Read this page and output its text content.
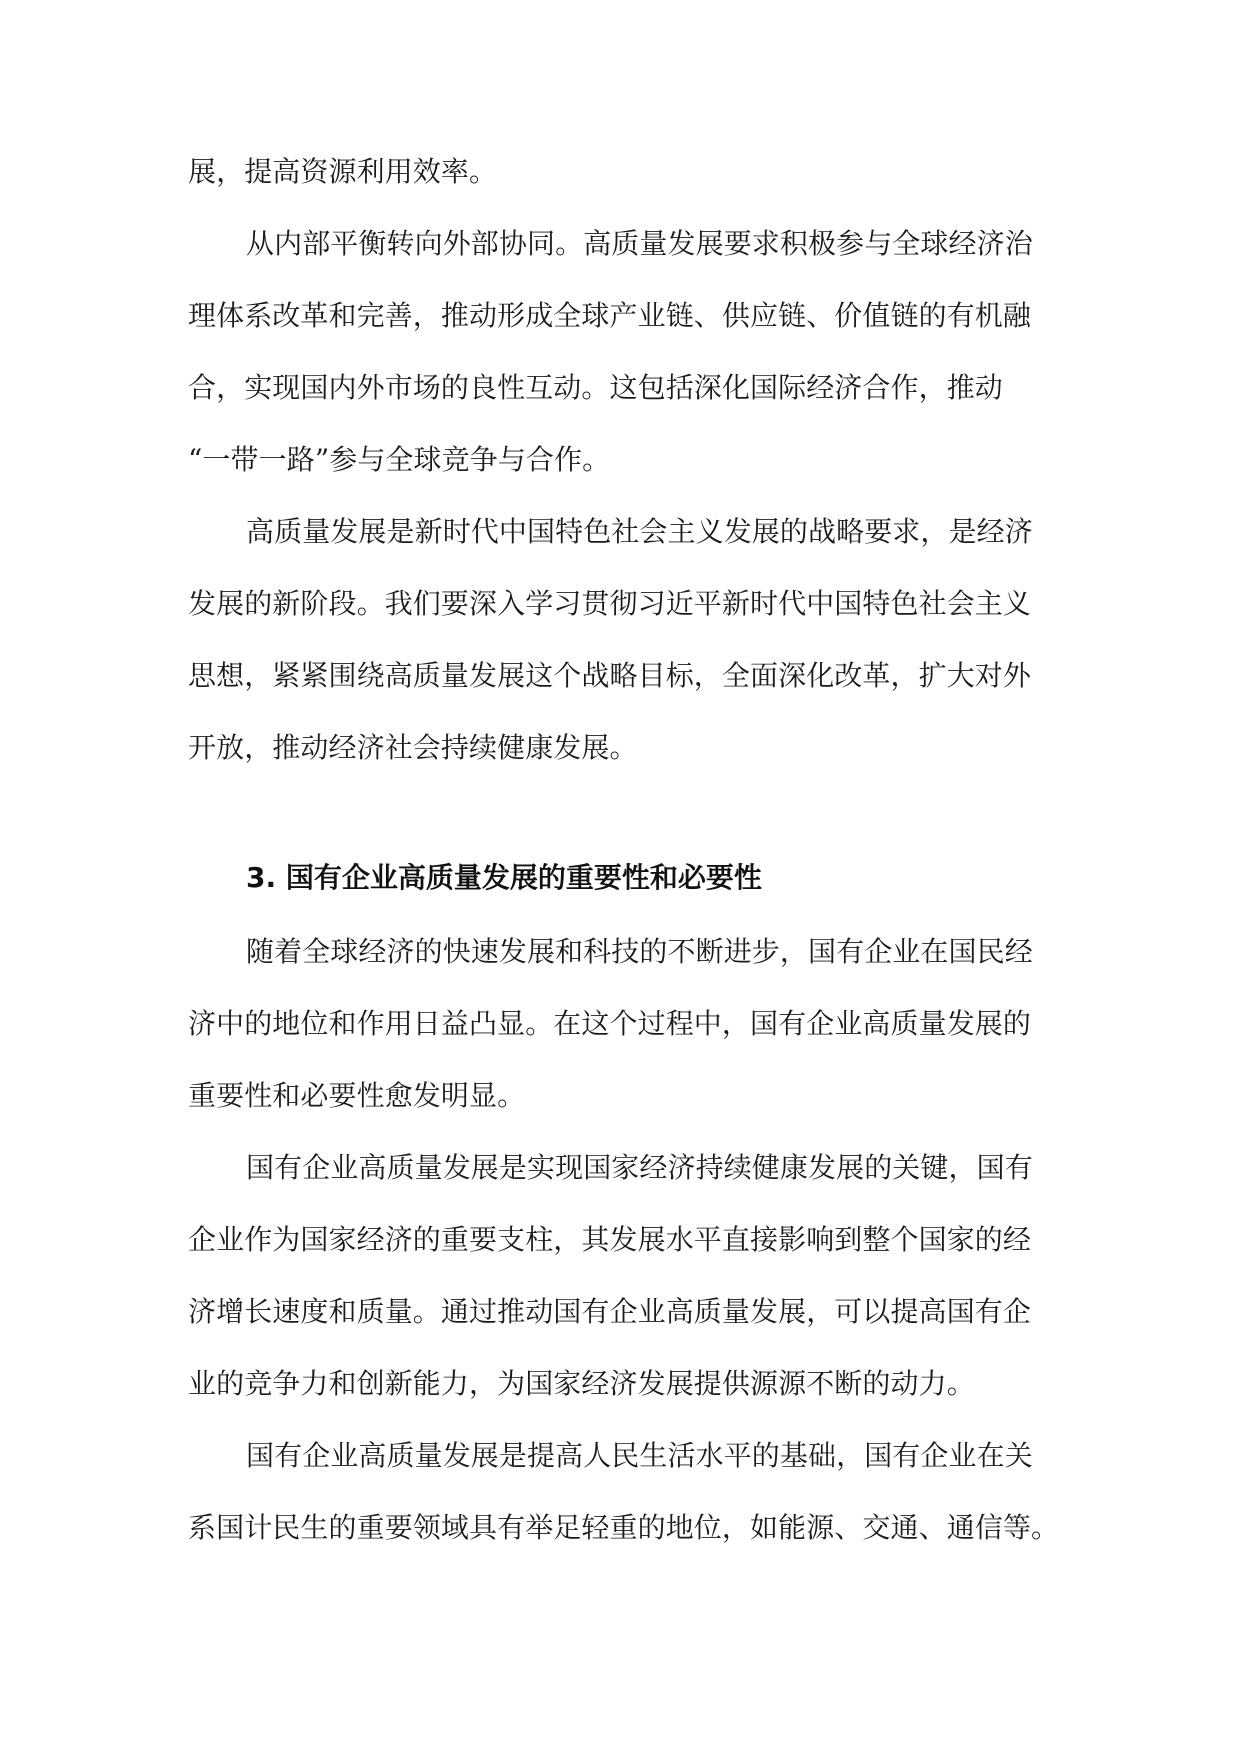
展，提高资源利用效率。
从内部平衡转向外部协同。高质量发展要求积极参与全球经济治
理体系改革和完善，推动形成全球产业链、供应链、价值链的有机融
合，实现国内外市场的良性互动。这包括深化国际经济合作，推动
“一带一路”参与全球竞争与合作。
高质量发展是新时代中国特色社会主义发展的战略要求，是经济
发展的新阶段。我们要深入学习贯彻习近平新时代中国特色社会主义
思想，紧紧围绕高质量发展这个战略目标，全面深化改革，扩大对外
开放，推动经济社会持续健康发展。
3. 国有企业高质量发展的重要性和必要性
随着全球经济的快速发展和科技的不断进步，国有企业在国民经
济中的地位和作用日益凸显。在这个过程中，国有企业高质量发展的
重要性和必要性愈发明显。
国有企业高质量发展是实现国家经济持续健康发展的关键，国有
企业作为国家经济的重要支柱，其发展水平直接影响到整个国家的经
济增长速度和质量。通过推动国有企业高质量发展，可以提高国有企
业的竞争力和创新能力，为国家经济发展提供源源不断的动力。
国有企业高质量发展是提高人民生活水平的基础，国有企业在关
系国计民生的重要领域具有举足轻重的地位，如能源、交通、通信等。
